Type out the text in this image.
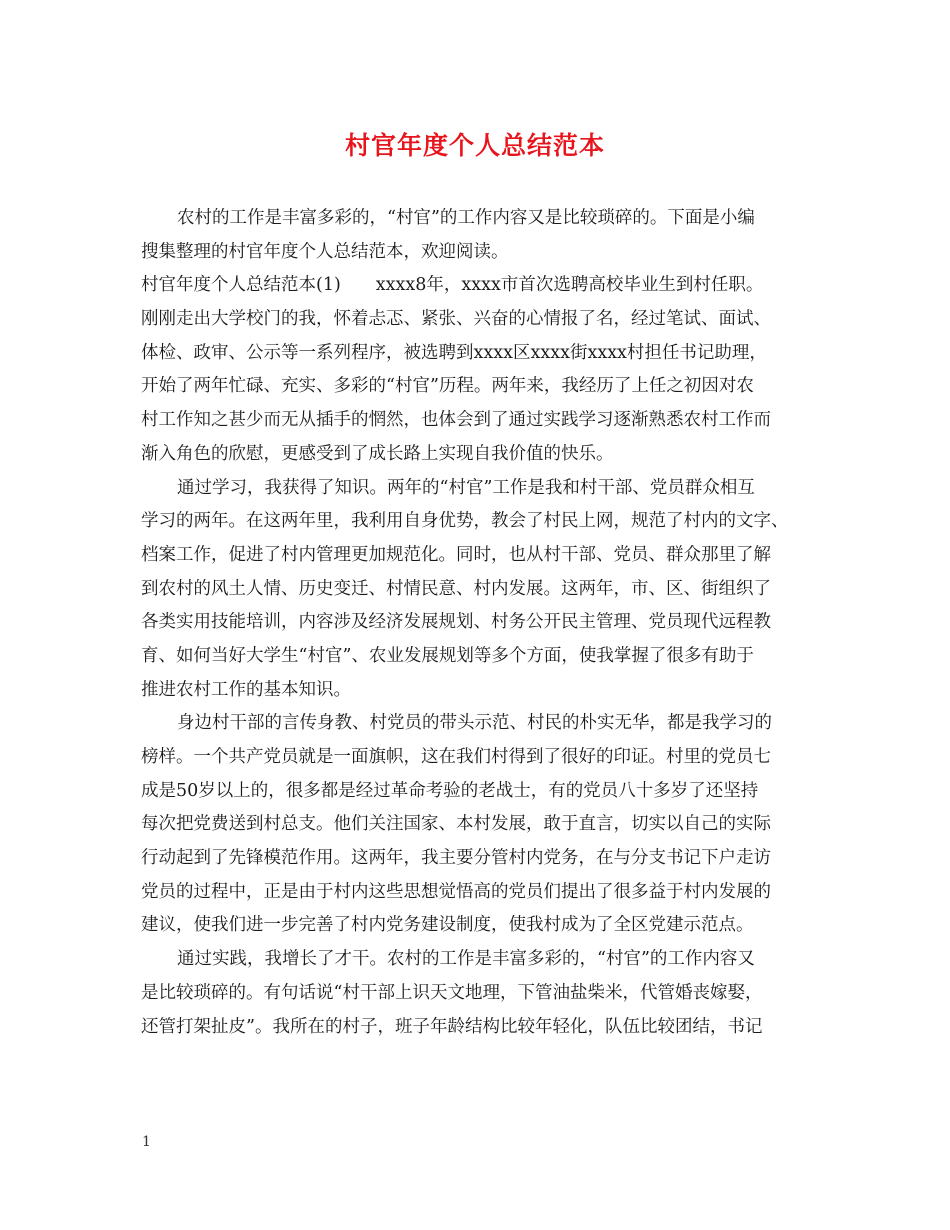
村官年度个人总结范本
农村的工作是丰富多彩的，“村官”的工作内容又是比较琐碎的。下面是小编
搜集整理的村官年度个人总结范本，欢迎阅读。
村官年度个人总结范本(1)　　xxxx8年，xxxx市首次选聘高校毕业生到村任职。
刚刚走出大学校门的我，怀着忐忑、紧张、兴奋的心情报了名，经过笔试、面试、
体检、政审、公示等一系列程序，被选聘到xxxx区xxxx街xxxx村担任书记助理，
开始了两年忙碌、充实、多彩的“村官”历程。两年来，我经历了上任之初因对农
村工作知之甚少而无从插手的惘然，也体会到了通过实践学习逐渐熟悉农村工作而
渐入角色的欣慰，更感受到了成长路上实现自我价值的快乐。
通过学习，我获得了知识。两年的“村官”工作是我和村干部、党员群众相互
学习的两年。在这两年里，我利用自身优势，教会了村民上网，规范了村内的文字、
档案工作，促进了村内管理更加规范化。同时，也从村干部、党员、群众那里了解
到农村的风土人情、历史变迁、村情民意、村内发展。这两年，市、区、街组织了
各类实用技能培训，内容涉及经济发展规划、村务公开民主管理、党员现代远程教
育、如何当好大学生“村官”、农业发展规划等多个方面，使我掌握了很多有助于
推进农村工作的基本知识。
身边村干部的言传身教、村党员的带头示范、村民的朴实无华，都是我学习的
榜样。一个共产党员就是一面旗帜，这在我们村得到了很好的印证。村里的党员七
成是50岁以上的，很多都是经过革命考验的老战士，有的党员八十多岁了还坚持
每次把党费送到村总支。他们关注国家、本村发展，敢于直言，切实以自己的实际
行动起到了先锋模范作用。这两年，我主要分管村内党务，在与分支书记下户走访
党员的过程中，正是由于村内这些思想觉悟高的党员们提出了很多益于村内发展的
建议，使我们进一步完善了村内党务建设制度，使我村成为了全区党建示范点。
通过实践，我增长了才干。农村的工作是丰富多彩的，“村官”的工作内容又
是比较琐碎的。有句话说“村干部上识天文地理，下管油盐柴米，代管婚丧嫁娶，
还管打架扯皮”。我所在的村子，班子年龄结构比较年轻化，队伍比较团结，书记
1
